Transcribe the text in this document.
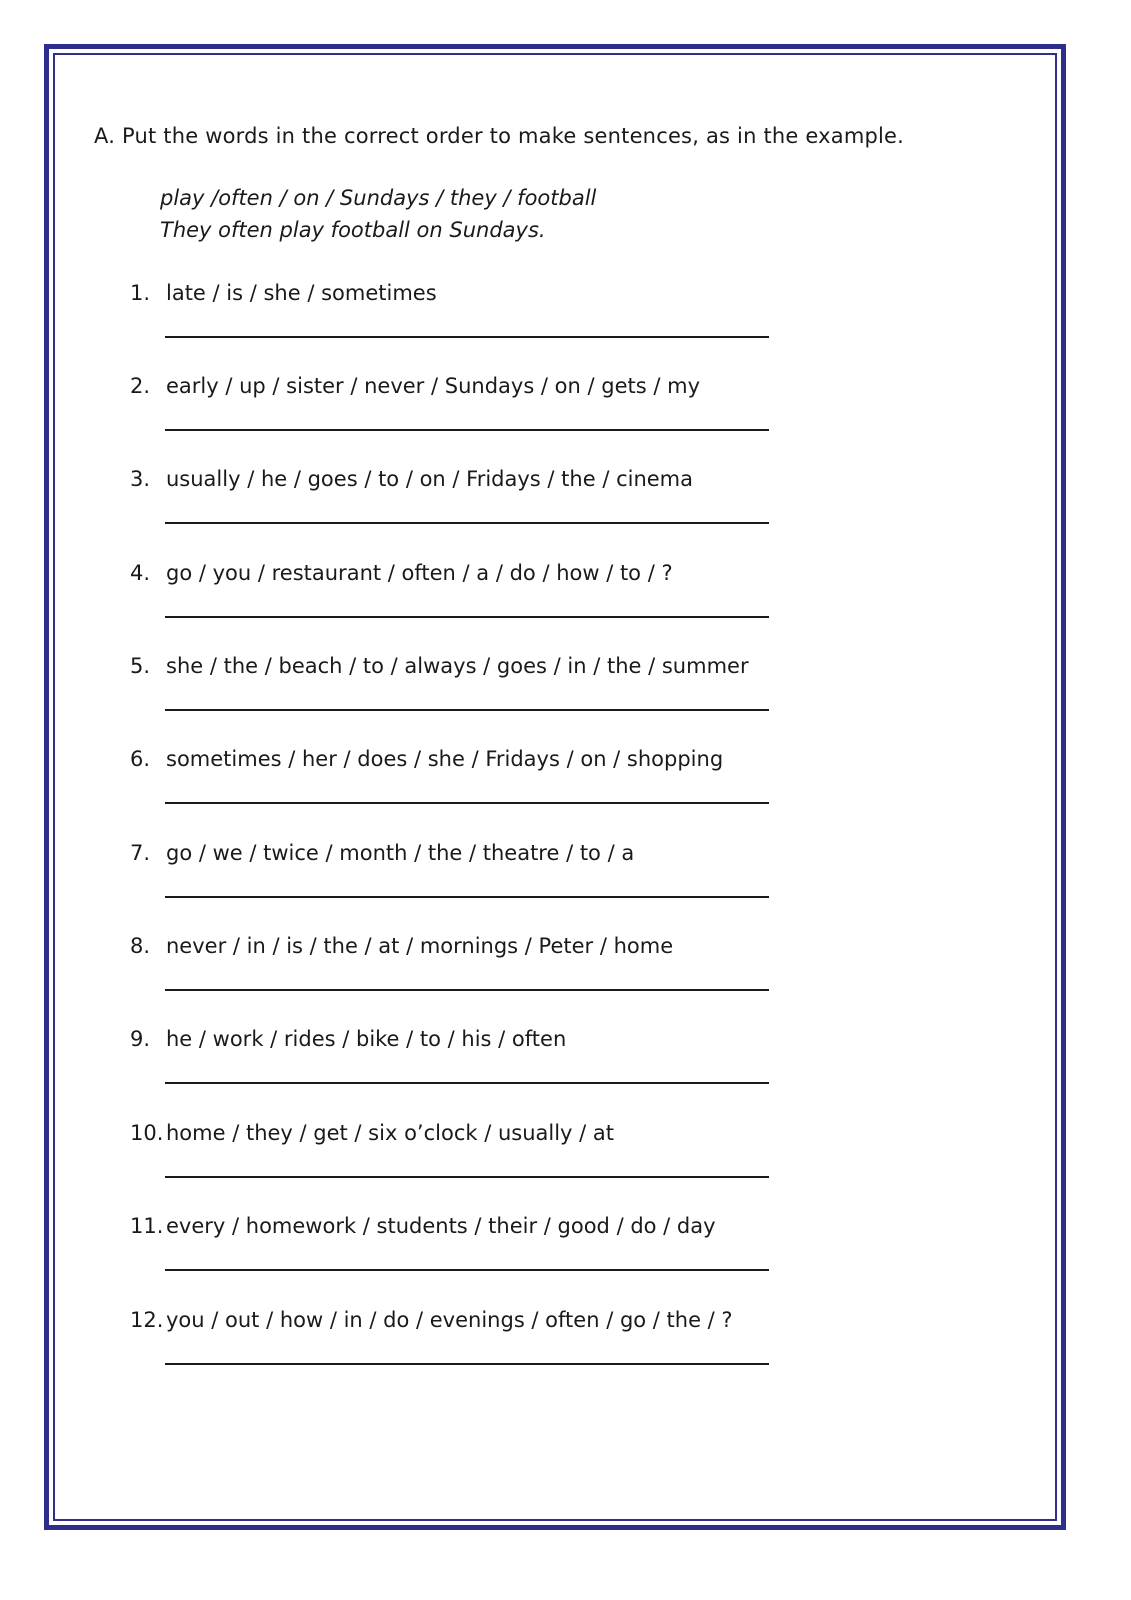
A. Put the words in the correct order to make sentences, as in the example.
play /often / on / Sundays / they / football
They often play football on Sundays.
1. late / is / she / sometimes
2. early / up / sister / never / Sundays / on / gets / my
3. usually / he / goes / to / on / Fridays / the / cinema
4. go / you / restaurant / often / a / do / how / to / ?
5. she / the / beach / to / always / goes / in / the / summer
6. sometimes / her / does / she / Fridays / on / shopping
7. go / we / twice / month / the / theatre / to / a
8. never / in / is / the / at / mornings / Peter / home
9. he / work / rides / bike / to / his / often
10. home / they / get / six o’clock / usually / at
11. every / homework / students / their / good / do / day
12. you / out / how / in / do / evenings / often / go / the / ?
